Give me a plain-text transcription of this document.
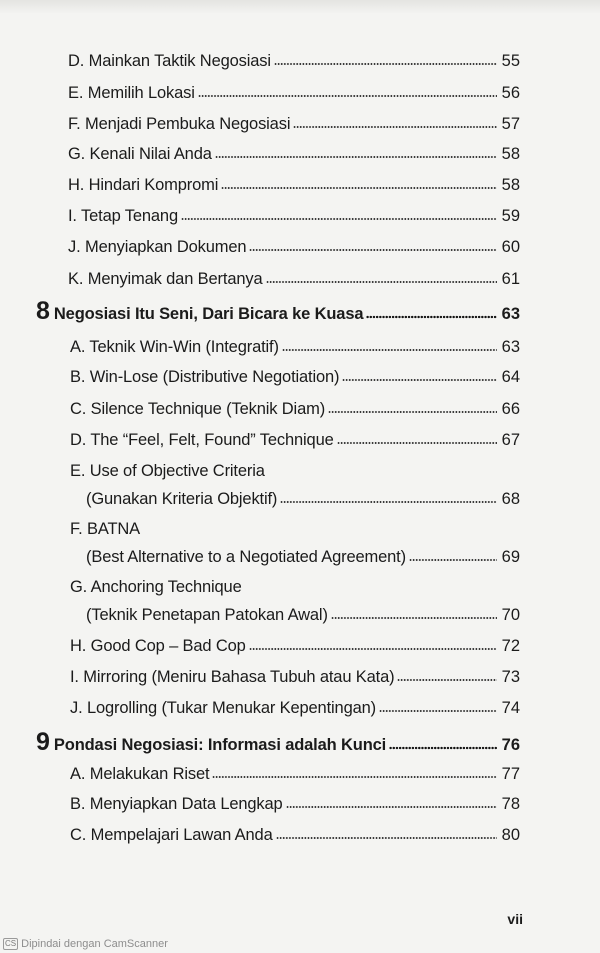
D. Mainkan Taktik Negosiasi	55
E. Memilih Lokasi	56
F. Menjadi Pembuka Negosiasi	57
G. Kenali Nilai Anda	58
H. Hindari Kompromi	58
I. Tetap Tenang	59
J. Menyiapkan Dokumen	60
K. Menyimak dan Bertanya	61
8 Negosiasi Itu Seni, Dari Bicara ke Kuasa	63
A. Teknik Win-Win (Integratif)	63
B. Win-Lose (Distributive Negotiation)	64
C. Silence Technique (Teknik Diam)	66
D. The “Feel, Felt, Found” Technique	67
E. Use of Objective Criteria
(Gunakan Kriteria Objektif)	68
F. BATNA
(Best Alternative to a Negotiated Agreement)	69
G. Anchoring Technique
(Teknik Penetapan Patokan Awal)	70
H. Good Cop – Bad Cop	72
I. Mirroring (Meniru Bahasa Tubuh atau Kata)	73
J. Logrolling (Tukar Menukar Kepentingan)	74
9 Pondasi Negosiasi: Informasi adalah Kunci	76
A. Melakukan Riset	77
B. Menyiapkan Data Lengkap	78
C. Mempelajari Lawan Anda	80
vii
CS Dipindai dengan CamScanner
